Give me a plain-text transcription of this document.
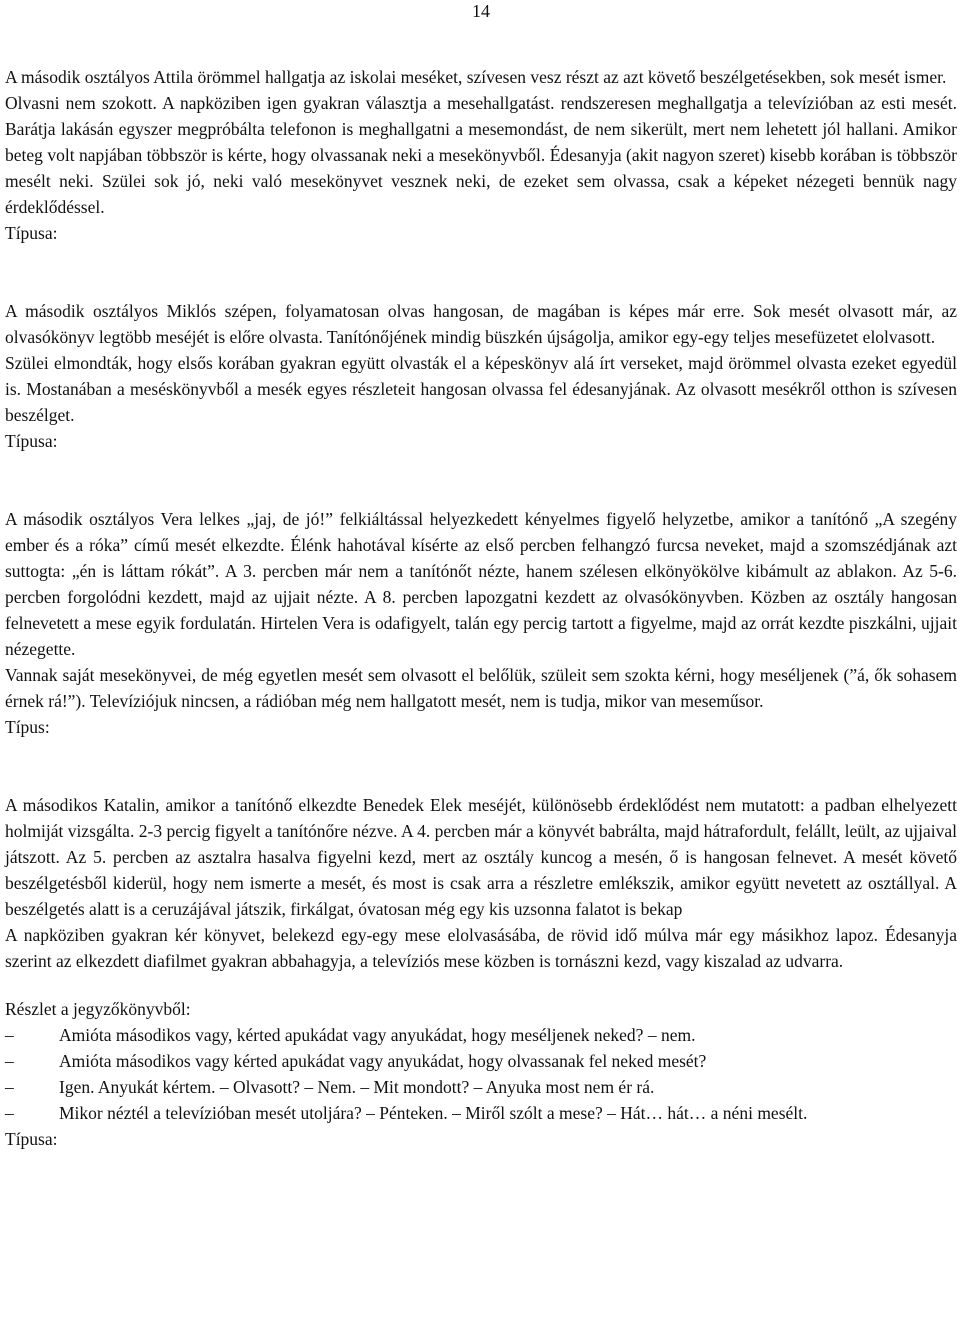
14

A második osztályos Attila örömmel hallgatja az iskolai meséket, szívesen vesz részt az azt követő beszélgetésekben, sok mesét ismer.

Olvasni nem szokott. A napköziben igen gyakran választja a mesehallgatást. rendszeresen meghallgatja a televízióban az esti mesét. Barátja lakásán egyszer megpróbálta telefonon is meghallgatni a mesemondást, de nem sikerült, mert nem lehetett jól hallani. Amikor beteg volt napjában többször is kérte, hogy olvassanak neki a mesekönyvből. Édesanyja (akit nagyon szeret) kisebb korában is többször mesélt neki. Szülei sok jó, neki való mesekönyvet vesznek neki, de ezeket sem olvassa, csak a képeket nézegeti bennük nagy érdeklődéssel.

Típusa:

A második osztályos Miklós szépen, folyamatosan olvas hangosan, de magában is képes már erre. Sok mesét olvasott már, az olvasókönyv legtöbb meséjét is előre olvasta. Tanítónőjének mindig büszkén újságolja, amikor egy-egy teljes mesefüzetet elolvasott.

Szülei elmondták, hogy elsős korában gyakran együtt olvasták el a képeskönyv alá írt verseket, majd örömmel olvasta ezeket egyedül is. Mostanában a meséskönyvből a mesék egyes részleteit hangosan olvassa fel édesanyjának. Az olvasott mesékről otthon is szívesen beszélget.

Típusa:

A második osztályos Vera lelkes „jaj, de jó!” felkiáltással helyezkedett kényelmes figyelő helyzetbe, amikor a tanítónő „A szegény ember és a róka” című mesét elkezdte. Élénk hahotával kísérte az első percben felhangzó furcsa neveket, majd a szomszédjának azt suttogta: „én is láttam rókát”. A 3. percben már nem a tanítónőt nézte, hanem szélesen elkönyökölve kibámult az ablakon. Az 5-6. percben forgolódni kezdett, majd az ujjait nézte. A 8. percben lapozgatni kezdett az olvasókönyvben. Közben az osztály hangosan felnevetett a mese egyik fordulatán. Hirtelen Vera is odafigyelt, talán egy percig tartott a figyelme, majd az orrát kezdte piszkálni, ujjait nézegette.

Vannak saját mesekönyvei, de még egyetlen mesét sem olvasott el belőlük, szüleit sem szokta kérni, hogy meséljenek (”á, ők sohasem érnek rá!”). Televíziójuk nincsen, a rádióban még nem hallgatott mesét, nem is tudja, mikor van meseműsor.

Típus:

A másodikos Katalin, amikor a tanítónő elkezdte Benedek Elek meséjét, különösebb érdeklődést nem mutatott: a padban elhelyezett holmiját vizsgálta. 2-3 percig figyelt a tanítónőre nézve. A 4. percben már a könyvét babrálta, majd hátrafordult, felállt, leült, az ujjaival játszott. Az 5. percben az asztalra hasalva figyelni kezd, mert az osztály kuncog a mesén, ő is hangosan felnevet. A mesét követő beszélgetésből kiderül, hogy nem ismerte a mesét, és most is csak arra a részletre emlékszik, amikor együtt nevetett az osztállyal. A beszélgetés alatt is a ceruzájával játszik, firkálgat, óvatosan még egy kis uzsonna falatot is bekap

A napköziben gyakran kér könyvet, belekezd egy-egy mese elolvasásába, de rövid idő múlva már egy másikhoz lapoz. Édesanyja szerint az elkezdett diafilmet gyakran abbahagyja, a televíziós mese közben is tornászni kezd, vagy kiszalad az udvarra.

Részlet a jegyzőkönyvből:

– Amióta másodikos vagy, kérted apukádat vagy anyukádat, hogy meséljenek neked? – nem.
– Amióta másodikos vagy kérted apukádat vagy anyukádat, hogy olvassanak fel neked mesét?
– Igen. Anyukát kértem. – Olvasott? – Nem. – Mit mondott? – Anyuka most nem ér rá.
– Mikor néztél a televízióban mesét utoljára? – Pénteken. – Miről szólt a mese? – Hát… hát… a néni mesélt.

Típusa:
